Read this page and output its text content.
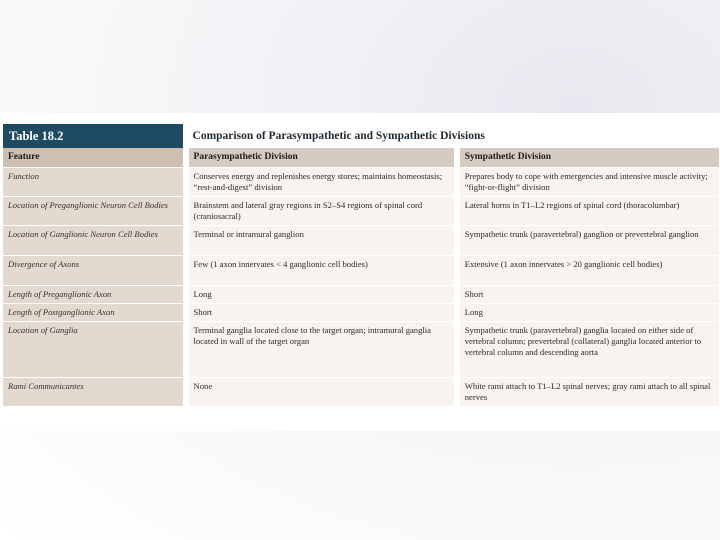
Table 18.2		Comparison of Parasympathetic and Sympathetic Divisions		
Feature		Parasympathetic Division		Sympathetic Division
Function		Conserves energy and replenishes energy stores; maintains homeostasis; “rest-and-digest” division		Prepares body to cope with emergencies and intensive muscle activity; “fight-or-flight” division
Location of Preganglionic Neuron Cell Bodies		Brainstem and lateral gray regions in S2–S4 regions of spinal cord (craniosacral)		Lateral horns in T1–L2 regions of spinal cord (thoracolumbar)
Location of Ganglionic Neuron Cell Bodies		Terminal or intramural ganglion		Sympathetic trunk (paravertebral) ganglion or prevertebral ganglion
Divergence of Axons		Few (1 axon innervates < 4 ganglionic cell bodies)		Extensive (1 axon innervates > 20 ganglionic cell bodies)
Length of Preganglionic Axon		Long		Short
Length of Postganglionic Axon		Short		Long
Location of Ganglia		Terminal ganglia located close to the target organ; intramural ganglia located in wall of the target organ		Sympathetic trunk (paravertebral) ganglia located on either side of vertebral column; prevertebral (collateral) ganglia located anterior to vertebral column and descending aorta
Rami Communicantes		None		White rami attach to T1–L2 spinal nerves; gray rami attach to all spinal nerves
